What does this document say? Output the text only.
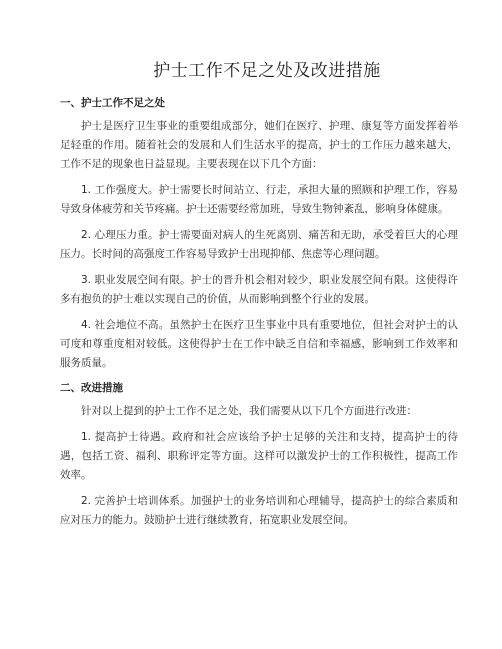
护士工作不足之处及改进措施
一、护士工作不足之处

护士是医疗卫生事业的重要组成部分，她们在医疗、护理、康复等方面发挥着举足轻重的作用。随着社会的发展和人们生活水平的提高，护士的工作压力越来越大，工作不足的现象也日益显现。主要表现在以下几个方面：

1. 工作强度大。护士需要长时间站立、行走，承担大量的照顾和护理工作，容易导致身体疲劳和关节疼痛。护士还需要经常加班，导致生物钟紊乱，影响身体健康。

2. 心理压力重。护士需要面对病人的生死离别、痛苦和无助，承受着巨大的心理压力。长时间的高强度工作容易导致护士出现抑郁、焦虑等心理问题。

3. 职业发展空间有限。护士的晋升机会相对较少，职业发展空间有限。这使得许多有抱负的护士难以实现自己的价值，从而影响到整个行业的发展。

4. 社会地位不高。虽然护士在医疗卫生事业中具有重要地位，但社会对护士的认可度和尊重度相对较低。这使得护士在工作中缺乏自信和幸福感，影响到工作效率和服务质量。

二、改进措施

针对以上提到的护士工作不足之处，我们需要从以下几个方面进行改进：

1. 提高护士待遇。政府和社会应该给予护士足够的关注和支持，提高护士的待遇，包括工资、福利、职称评定等方面。这样可以激发护士的工作积极性，提高工作效率。

2. 完善护士培训体系。加强护士的业务培训和心理辅导，提高护士的综合素质和应对压力的能力。鼓励护士进行继续教育，拓宽职业发展空间。
